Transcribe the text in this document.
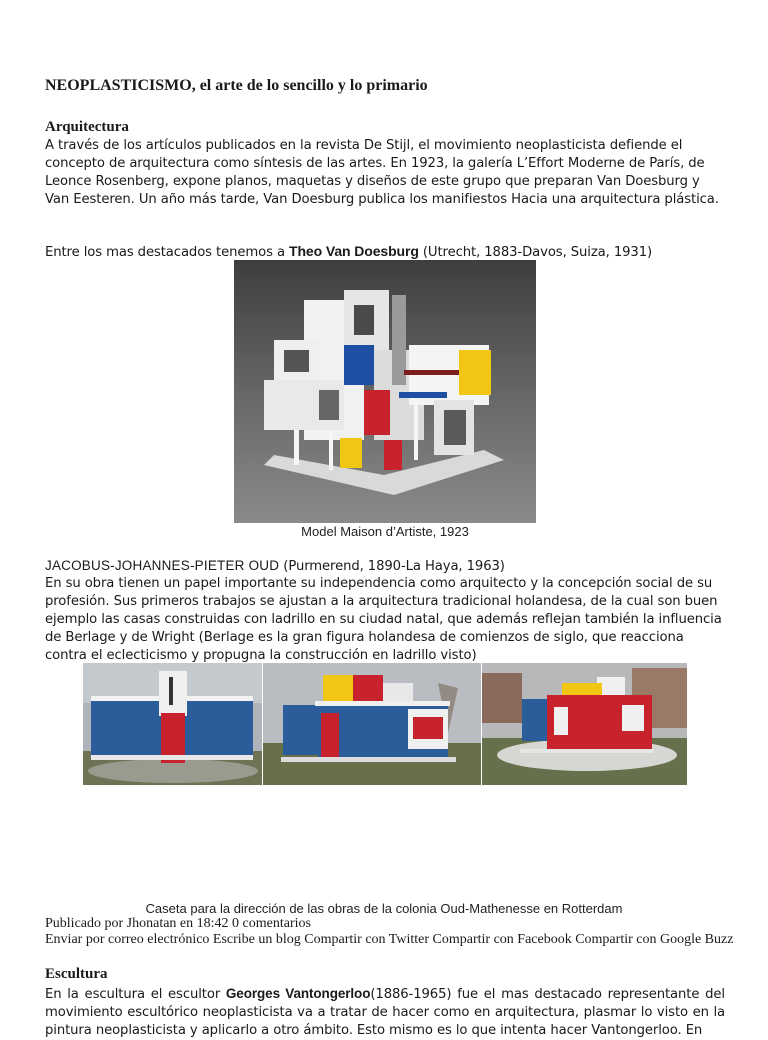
NEOPLASTICISMO, el arte de lo sencillo y lo primario
Arquitectura
A través de los artículos publicados en la revista De Stijl, el movimiento neoplasticista defiende el concepto de arquitectura como síntesis de las artes. En 1923, la galería L’Effort Moderne de París, de Leonce Rosenberg, expone planos, maquetas y diseños de este grupo que preparan Van Doesburg y Van Eesteren. Un año más tarde, Van Doesburg publica los manifiestos Hacia una arquitectura plástica.
Entre los mas destacados tenemos a Theo Van Doesburg (Utrecht, 1883-Davos, Suiza, 1931)
Model Maison d’Artiste, 1923
JACOBUS-JOHANNES-PIETER OUD (Purmerend, 1890-La Haya, 1963)
En su obra tienen un papel importante su independencia como arquitecto y la concepción social de su profesión. Sus primeros trabajos se ajustan a la arquitectura tradicional holandesa, de la cual son buen ejemplo las casas construidas con ladrillo en su ciudad natal, que además reflejan también la influencia de Berlage y de Wright (Berlage es la gran figura holandesa de comienzos de siglo, que reacciona contra el eclecticismo y propugna la construcción en ladrillo visto)
Caseta para la dirección de las obras de la colonia Oud-Mathenesse en Rotterdam
Publicado por Jhonatan en 18:42 0 comentarios
Enviar por correo electrónico Escribe un blog Compartir con Twitter Compartir con Facebook Compartir con Google Buzz
Escultura
En la escultura el escultor Georges Vantongerloo(1886-1965) fue el mas destacado representante del movimiento escultórico neoplasticista va a tratar de hacer como en arquitectura, plasmar lo visto en la pintura neoplasticista y aplicarlo a otro ámbito. Esto mismo es lo que intenta hacer Vantongerloo. En
